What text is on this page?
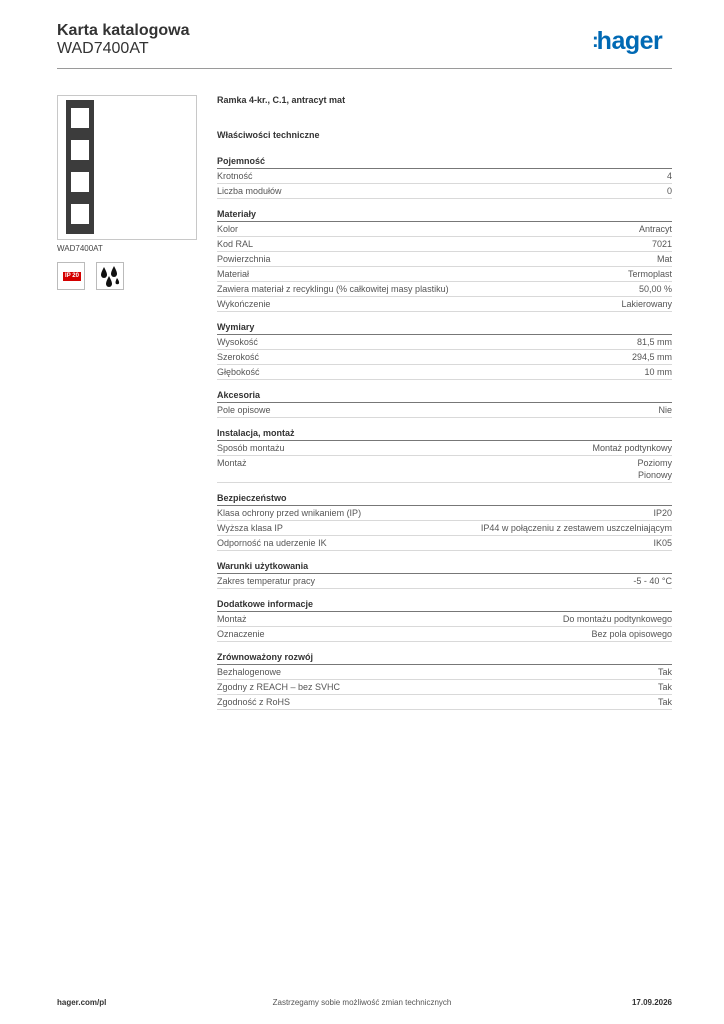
Karta katalogowa
WAD7400AT	:hager
WAD7400AT
IP 20
Ramka 4-kr., C.1, antracyt mat
Właściwości techniczne
Pojemność
Krotność	4
Liczba modułów	0
Materiały
Kolor	Antracyt
Kod RAL	7021
Powierzchnia	Mat
Materiał	Termoplast
Zawiera materiał z recyklingu (% całkowitej masy plastiku)	50,00 %
Wykończenie	Lakierowany
Wymiary
Wysokość	81,5 mm
Szerokość	294,5 mm
Głębokość	10 mm
Akcesoria
Pole opisowe	Nie
Instalacja, montaż
Sposób montażu	Montaż podtynkowy
Montaż	Poziomy
Pionowy
Bezpieczeństwo
Klasa ochrony przed wnikaniem (IP)	IP20
Wyższa klasa IP	IP44 w połączeniu z zestawem uszczelniającym
Odporność na uderzenie IK	IK05
Warunki użytkowania
Zakres temperatur pracy	-5 - 40 °C
Dodatkowe informacje
Montaż	Do montażu podtynkowego
Oznaczenie	Bez pola opisowego
Zrównoważony rozwój
Bezhalogenowe	Tak
Zgodny z REACH – bez SVHC	Tak
Zgodność z RoHS	Tak
hager.com/pl	Zastrzegamy sobie możliwość zmian technicznych	17.09.2026
